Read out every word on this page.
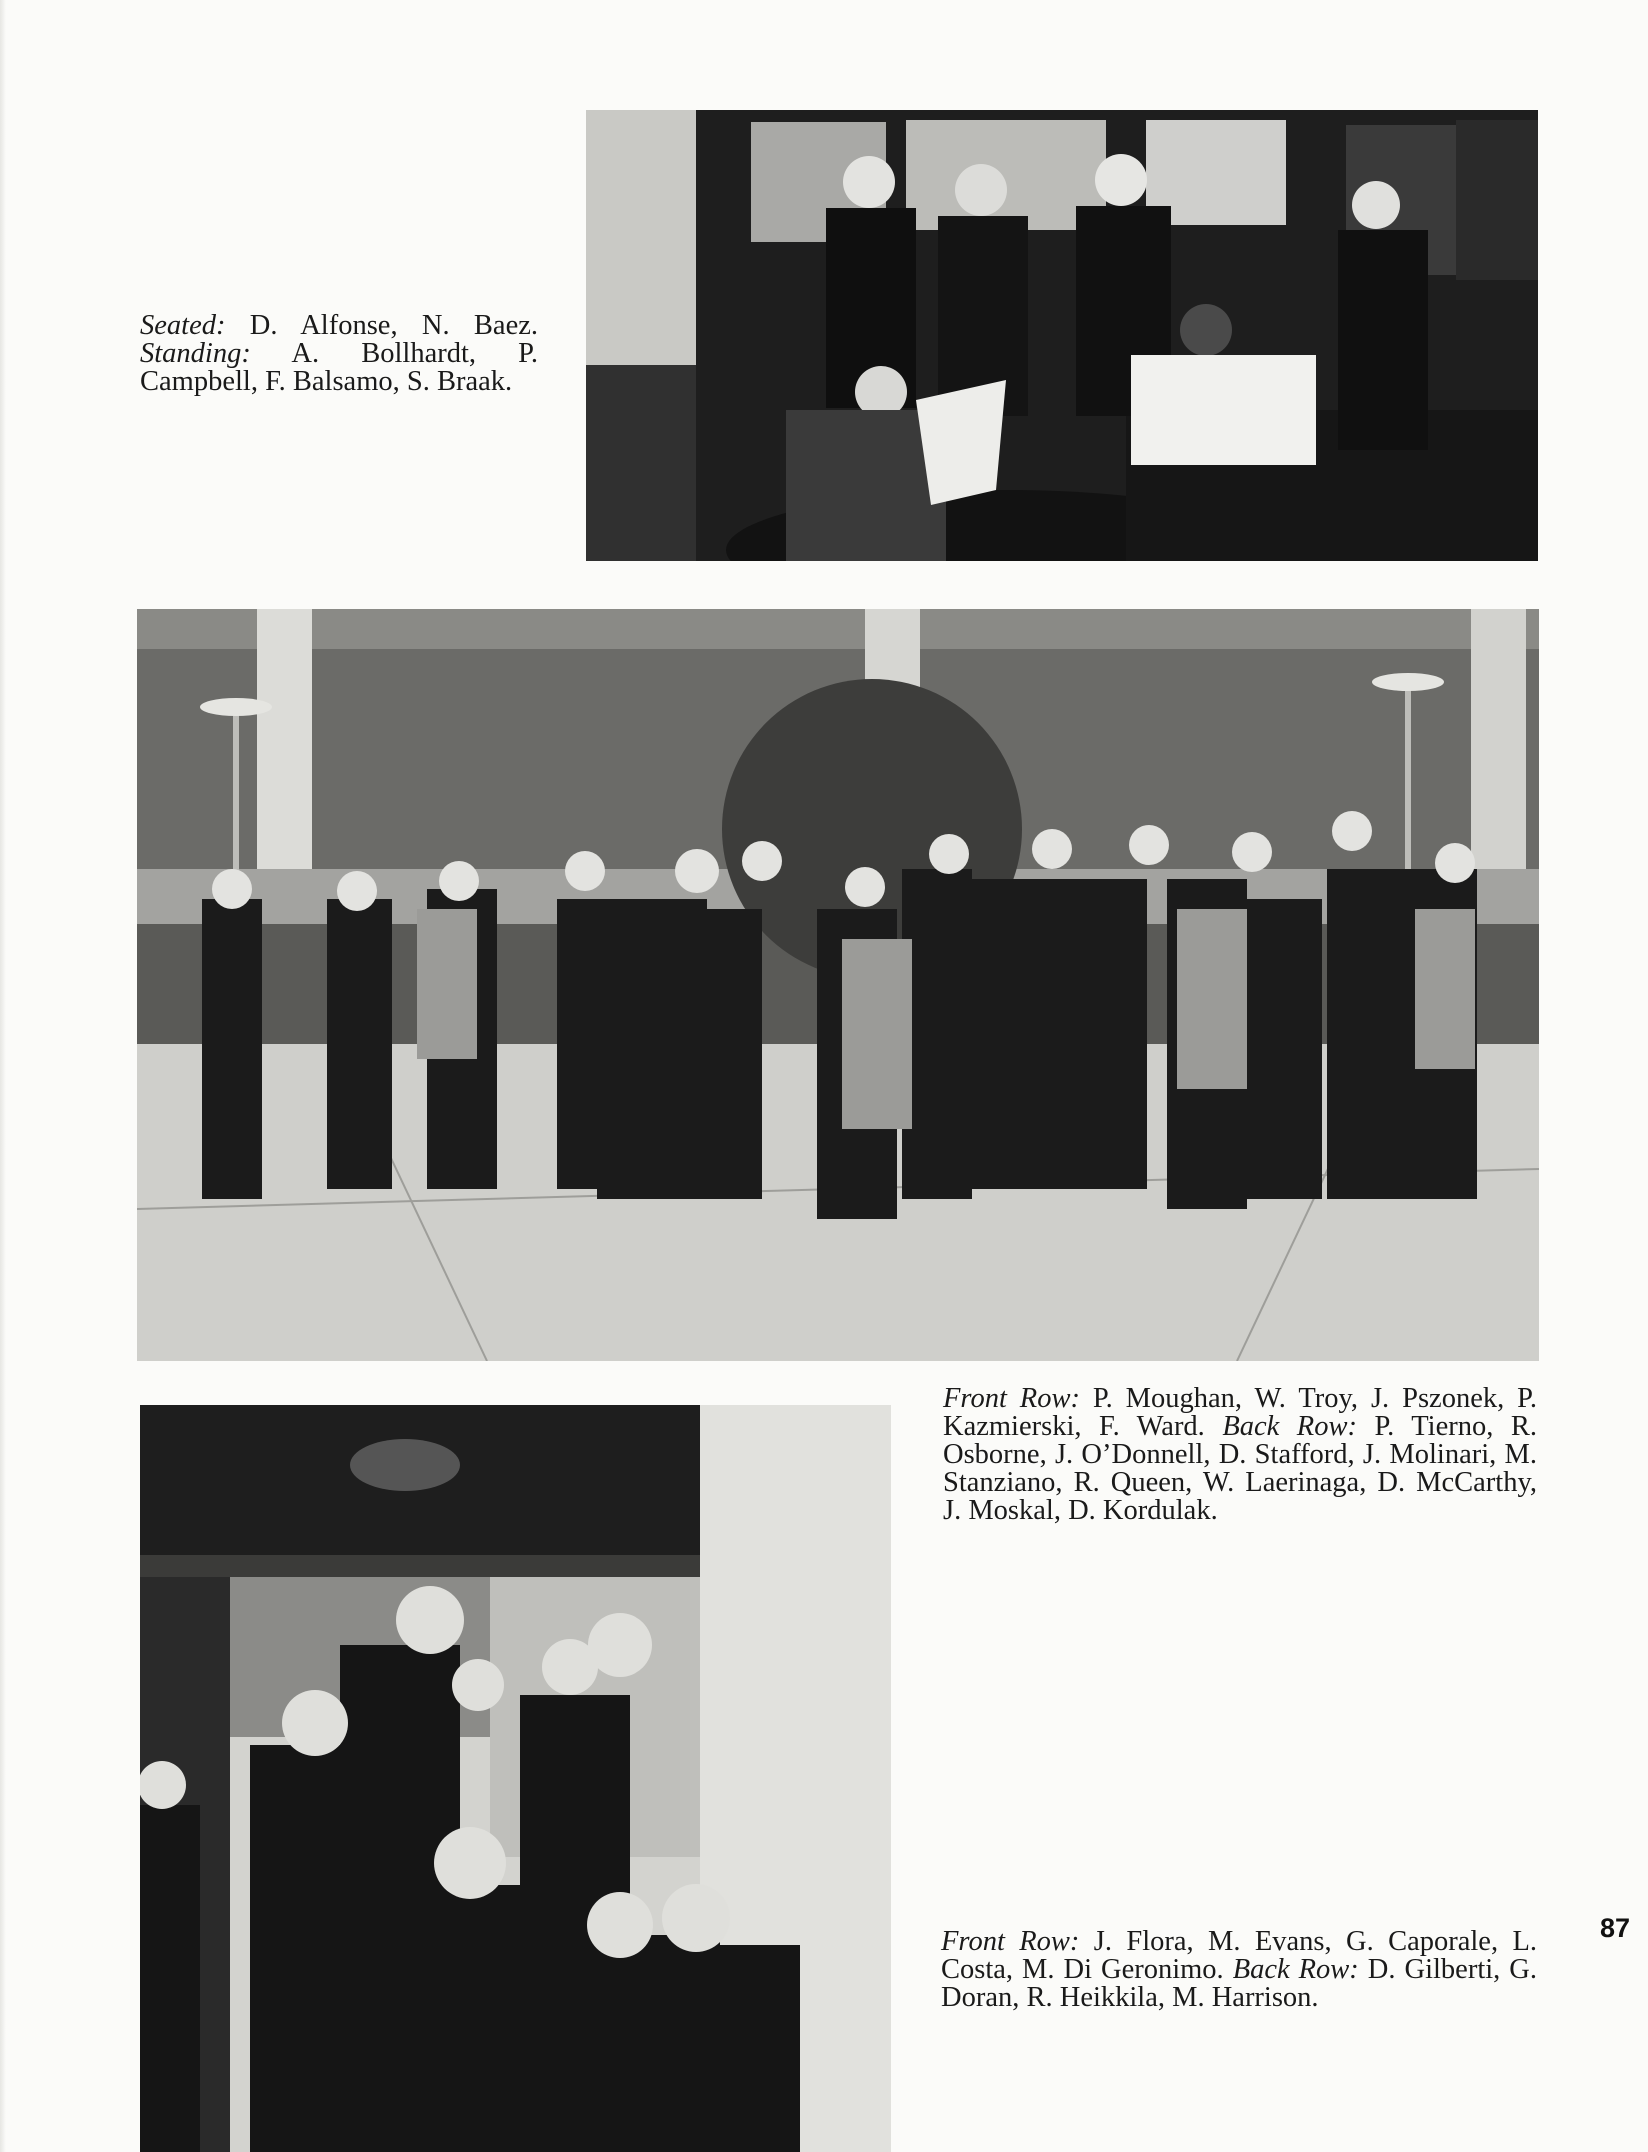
Seated: D. Alfonse, N. Baez. Standing: A. Bollhardt, P. Campbell, F. Balsamo, S. Braak.
Front Row: P. Moughan, W. Troy, J. Pszonek, P. Kazmierski, F. Ward. Back Row: P. Tierno, R. Osborne, J. O’Donnell, D. Stafford, J. Molinari, M. Stanziano, R. Queen, W. Laerinaga, D. McCarthy, J. Moskal, D. Kordulak.
Front Row: J. Flora, M. Evans, G. Caporale, L. Costa, M. Di Geronimo. Back Row: D. Gilberti, G. Doran, R. Heikkila, M. Harrison.
87
